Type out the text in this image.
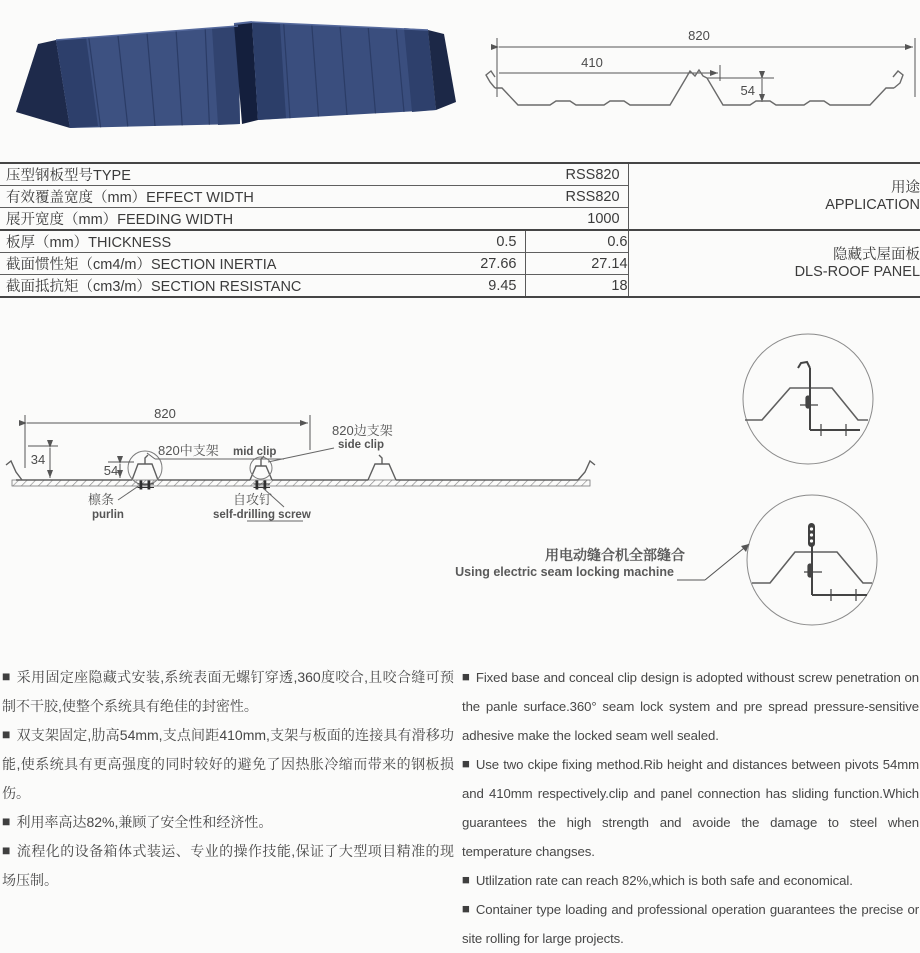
820
410
54
压型钢板型号TYPE	RSS820

用途
APPLICATION

有效覆盖宽度（mm）EFFECT WIDTH RSS820		

展开宽度（mm）FEEDING WIDTH 1000		

板厚（mm）THICKNESS	0.5	0.6	
隐藏式屋面板
DLS-ROOF PANEL

截面惯性矩（cm4/m）SECTION INERTIA 27.66	27.14	

截面抵抗矩（cm3/m）SECTION RESISTANC 9.45	18	
820
34
54
820中支架 mid clip
820边支架
side clip
檩条
purlin
自攻钉
self-drilling screw
用电动缝合机全部缝合
Using electric seam locking machine

■ 采用固定座隐藏式安装,系统表面无螺钉穿透,360度咬合,且咬合缝可预制不干胶,使整个系统具有绝佳的封密性。

■ 双支架固定,肋高54mm,支点间距410mm,支架与板面的连接具有滑移功能,使系统具有更高强度的同时较好的避免了因热胀冷缩而带来的钢板损伤。

■ 利用率高达82%,兼顾了安全性和经济性。

■ 流程化的设备箱体式装运、专业的操作技能,保证了大型项目精准的现场压制。

■ Fixed base and conceal clip design is adopted withoust screw penetration on the panle surface.360° seam lock system and pre spread pressure-sensitive adhesive make the locked seam well sealed.

■ Use two ckipe fixing method.Rib height and distances between pivots 54mm and 410mm respectively.clip and panel connection has sliding function.Which guarantees the high strength and avoide the damage to steel when temperature changses.

■ Utlilzation rate can reach 82%,which is both safe and economical.

■ Container type loading and professional operation guarantees the precise or site rolling for large projects.
